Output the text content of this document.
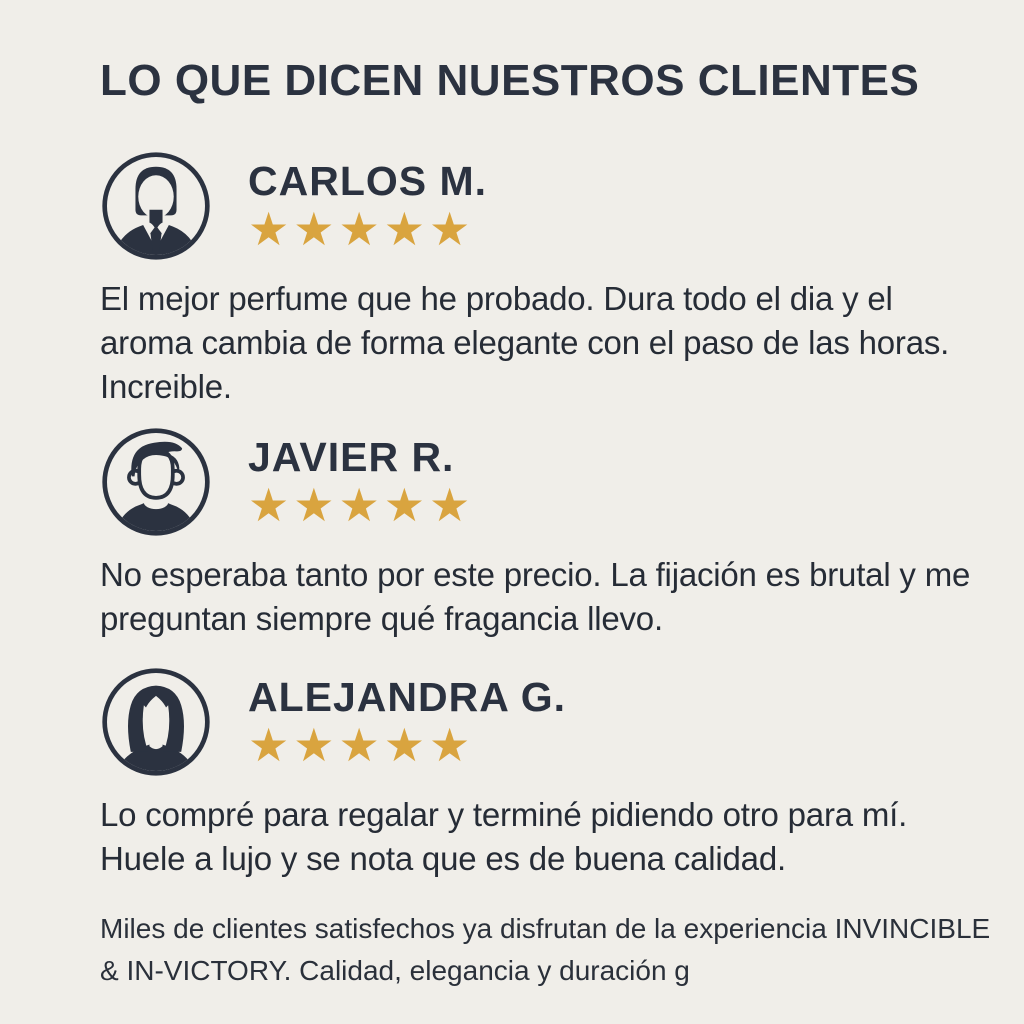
LO QUE DICEN NUESTROS CLIENTES
CARLOS M.
★★★★★

El mejor perfume que he probado. Dura todo el dia y el aroma cambia de forma elegante con el paso de las horas. Increible.

JAVIER R.
★★★★★

No esperaba tanto por este precio. La fijación es brutal y me preguntan siempre qué fragancia llevo.

ALEJANDRA G.
★★★★★

Lo compré para regalar y terminé pidiendo otro para mí. Huele a lujo y se nota que es de buena calidad.

Miles de clientes satisfechos ya disfrutan de la experiencia INVINCIBLE & IN-VICTORY. Calidad, elegancia y duración g
